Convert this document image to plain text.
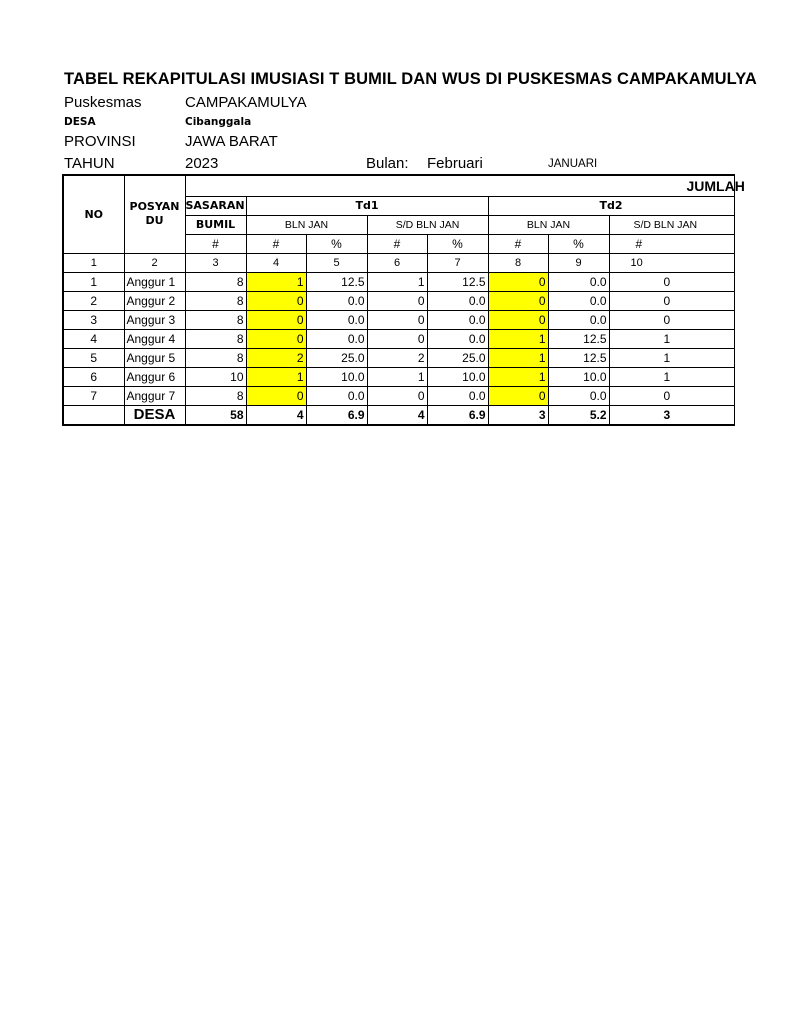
TABEL REKAPITULASI IMUSIASI T BUMIL DAN WUS DI PUSKESMAS CAMPAKAMULYA
Puskesmas	CAMPAKAMULYA
DESA	Cibanggala
PROVINSI	JAWA BARAT
TAHUN	2023	Bulan: Februari	JANUARI
NO	POSYAN DU	JUMLAH							
		SASARAN	Td1				Td2		
		BUMIL	BLN JAN		S/D BLN JAN		BLN JAN		S/D BLN JAN
		#	#	%	#	%	#	%	#
1	2	3	4	5	6	7	8	9	10
1	Anggur 1	8	1	12.5	1	12.5	0	0.0	0
2	Anggur 2	8	0	0.0	0	0.0	0	0.0	0
3	Anggur 3	8	0	0.0	0	0.0	0	0.0	0
4	Anggur 4	8	0	0.0	0	0.0	1	12.5	1
5	Anggur 5	8	2	25.0	2	25.0	1	12.5	1
6	Anggur 6	10	1	10.0	1	10.0	1	10.0	1
7	Anggur 7	8	0	0.0	0	0.0	0	0.0	0
	DESA	58	4	6.9	4	6.9	3	5.2	3
